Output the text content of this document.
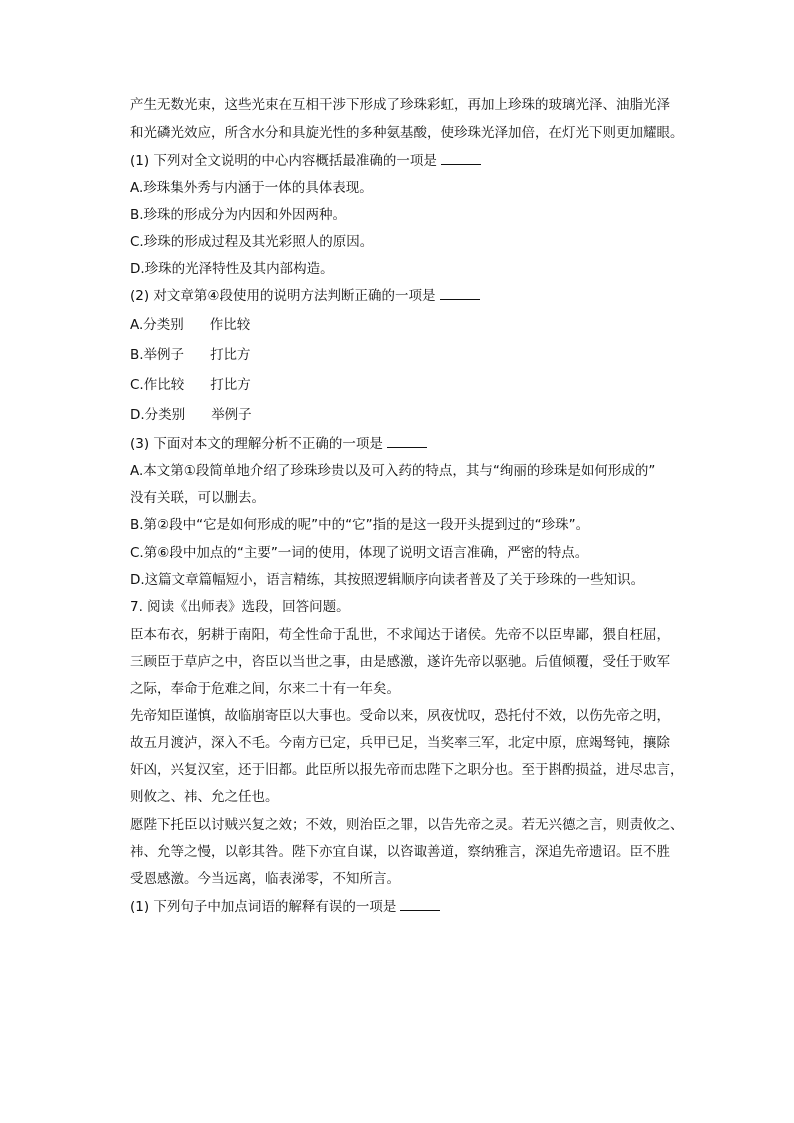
产生无数光束，这些光束在互相干涉下形成了珍珠彩虹，再加上珍珠的玻璃光泽、油脂光泽
和光磷光效应，所含水分和具旋光性的多种氨基酸，使珍珠光泽加倍，在灯光下则更加耀眼。
(1) 下列对全文说明的中心内容概括最准确的一项是
A.珍珠集外秀与内涵于一体的具体表现。
B.珍珠的形成分为内因和外因两种。
C.珍珠的形成过程及其光彩照人的原因。
D.珍珠的光泽特性及其内部构造。
(2) 对文章第④段使用的说明方法判断正确的一项是
A.分类别 作比较
B.举例子 打比方
C.作比较 打比方
D.分类别 举例子
(3) 下面对本文的理解分析不正确的一项是
A.本文第①段简单地介绍了珍珠珍贵以及可入药的特点，其与“绚丽的珍珠是如何形成的”
没有关联，可以删去。
B.第②段中“它是如何形成的呢”中的“它”指的是这一段开头提到过的“珍珠”。
C.第⑥段中加点的“主要”一词的使用，体现了说明文语言准确，严密的特点。
D.这篇文章篇幅短小，语言精练，其按照逻辑顺序向读者普及了关于珍珠的一些知识。
7. 阅读《出师表》选段，回答问题。
臣本布衣，躬耕于南阳，苟全性命于乱世，不求闻达于诸侯。先帝不以臣卑鄙，猥自枉屈，
三顾臣于草庐之中，咨臣以当世之事，由是感激，遂许先帝以驱驰。后值倾覆，受任于败军
之际，奉命于危难之间，尔来二十有一年矣。
先帝知臣谨慎，故临崩寄臣以大事也。受命以来，夙夜忧叹，恐托付不效，以伤先帝之明，
故五月渡泸，深入不毛。今南方已定，兵甲已足，当奖率三军，北定中原，庶竭驽钝，攘除
奸凶，兴复汉室，还于旧都。此臣所以报先帝而忠陛下之职分也。至于斟酌损益，进尽忠言，
则攸之、祎、允之任也。
愿陛下托臣以讨贼兴复之效；不效，则治臣之罪，以告先帝之灵。若无兴德之言，则责攸之、
祎、允等之慢，以彰其咎。陛下亦宜自谋，以咨诹善道，察纳雅言，深追先帝遗诏。臣不胜
受恩感激。今当远离，临表涕零，不知所言。
(1) 下列句子中加点词语的解释有误的一项是
